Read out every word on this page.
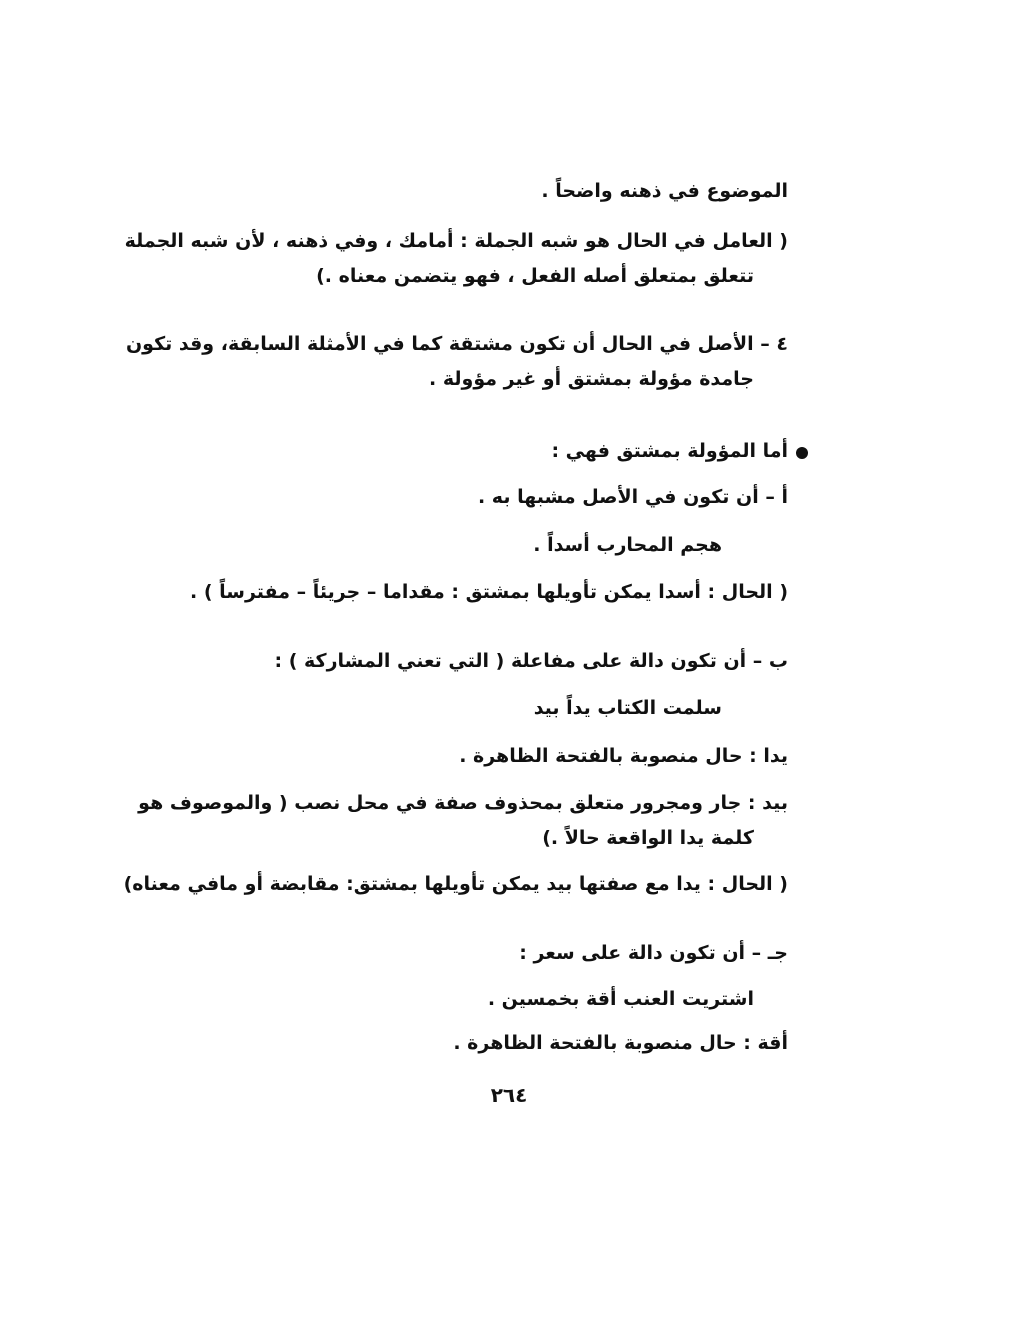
الموضوع في ذهنه واضحاً .
( العامل في الحال هو شبه الجملة : أمامك ، وفي ذهنه ، لأن شبه الجملة
تتعلق بمتعلق أصله الفعل ، فهو يتضمن معناه .)
٤ – الأصل في الحال أن تكون مشتقة كما في الأمثلة السابقة، وقد تكون
جامدة مؤولة بمشتق أو غير مؤولة .
أما المؤولة بمشتق فهي :
أ – أن تكون في الأصل مشبها به .
هجم المحارب أسداً .
( الحال : أسدا يمكن تأويلها بمشتق : مقداما – جريئاً – مفترساً ) .
ب – أن تكون دالة على مفاعلة ( التي تعني المشاركة ) :
سلمت الكتاب يداً بيد
يدا : حال منصوبة بالفتحة الظاهرة .
بيد : جار ومجرور متعلق بمحذوف صفة في محل نصب ( والموصوف هو
كلمة يدا الواقعة حالاً .)
( الحال : يدا مع صفتها بيد يمكن تأويلها بمشتق: مقابضة أو مافي معناه)
جـ – أن تكون دالة على سعر :
اشتريت العنب أقة بخمسين .
أقة : حال منصوبة بالفتحة الظاهرة .
٢٦٤
